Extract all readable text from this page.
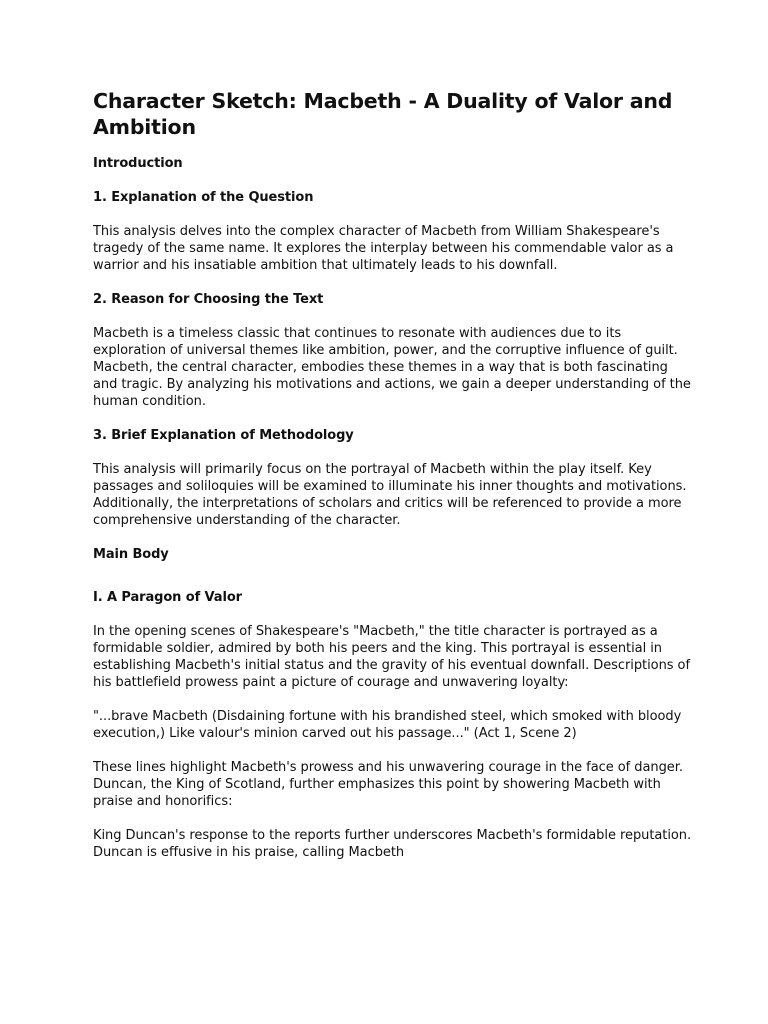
Character Sketch: Macbeth - A Duality of Valor and Ambition
Introduction
1. Explanation of the Question

This analysis delves into the complex character of Macbeth from William Shakespeare's tragedy of the same name. It explores the interplay between his commendable valor as a warrior and his insatiable ambition that ultimately leads to his downfall.

2. Reason for Choosing the Text

Macbeth is a timeless classic that continues to resonate with audiences due to its exploration of universal themes like ambition, power, and the corruptive influence of guilt. Macbeth, the central character, embodies these themes in a way that is both fascinating and tragic. By analyzing his motivations and actions, we gain a deeper understanding of the human condition.

3. Brief Explanation of Methodology

This analysis will primarily focus on the portrayal of Macbeth within the play itself. Key passages and soliloquies will be examined to illuminate his inner thoughts and motivations. Additionally, the interpretations of scholars and critics will be referenced to provide a more comprehensive understanding of the character.

Main Body
I. A Paragon of Valor

In the opening scenes of Shakespeare's "Macbeth," the title character is portrayed as a formidable soldier, admired by both his peers and the king. This portrayal is essential in establishing Macbeth's initial status and the gravity of his eventual downfall. Descriptions of his battlefield prowess paint a picture of courage and unwavering loyalty:

"...brave Macbeth (Disdaining fortune with his brandished steel, which smoked with bloody execution,) Like valour's minion carved out his passage..." (Act 1, Scene 2)

These lines highlight Macbeth's prowess and his unwavering courage in the face of danger. Duncan, the King of Scotland, further emphasizes this point by showering Macbeth with praise and honorifics:

King Duncan's response to the reports further underscores Macbeth's formidable reputation. Duncan is effusive in his praise, calling Macbeth
